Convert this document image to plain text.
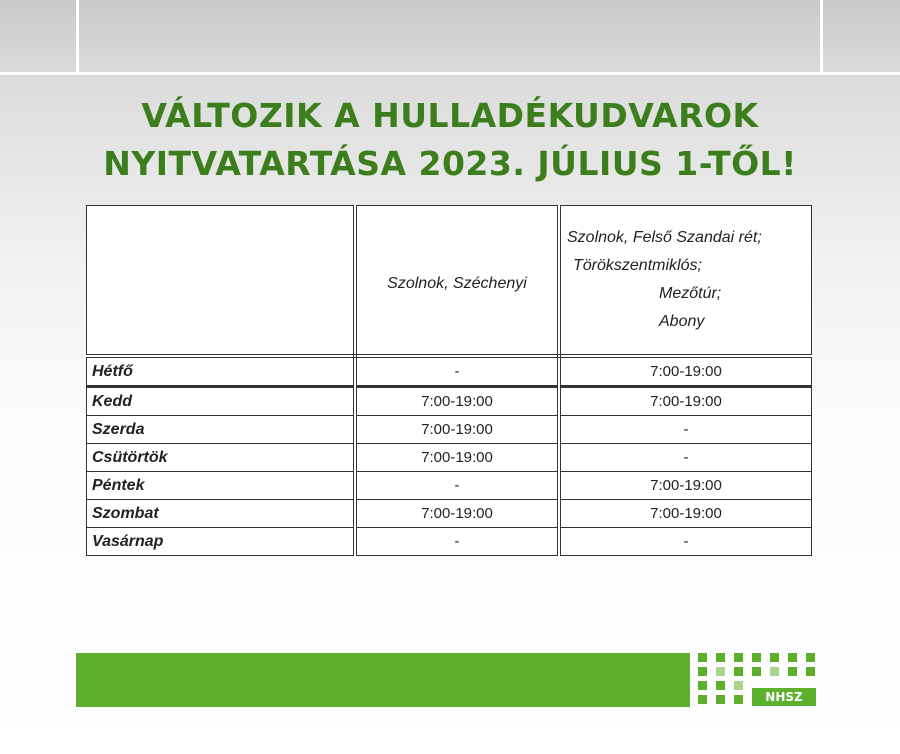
VÁLTOZIK A HULLADÉKUDVAROK
NYITVATARTÁSA 2023. JÚLIUS 1-TŐL!
	Szolnok, Széchenyi	Szolnok, Felső Szandai rét;
Törökszentmiklós;
Mezőtúr;
Abony

Hétfő	-	7:00-19:00
Kedd	7:00-19:00	7:00-19:00
Szerda	7:00-19:00	-
Csütörtök	7:00-19:00	-
Péntek	-	7:00-19:00
Szombat	7:00-19:00	7:00-19:00
Vasárnap	-	-
NHSZ
